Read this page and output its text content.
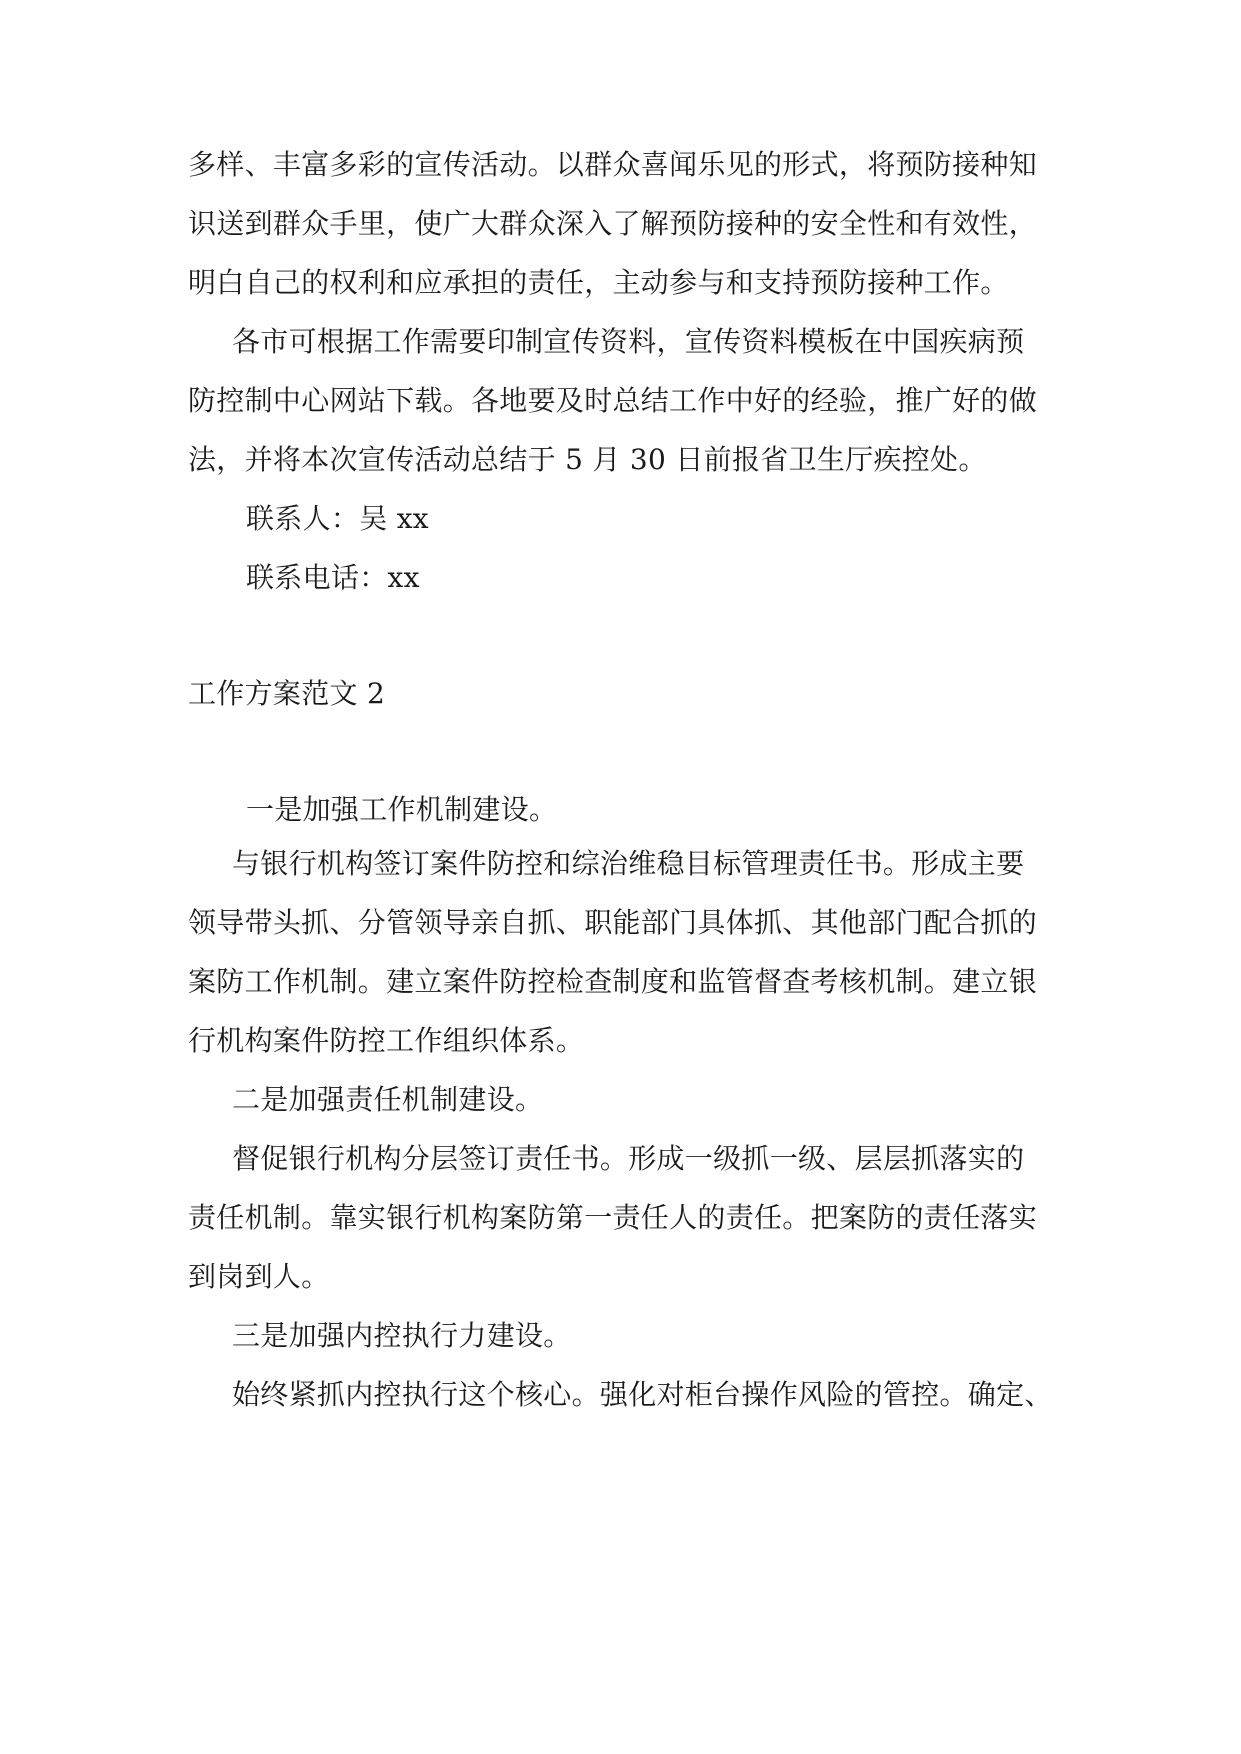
多样、丰富多彩的宣传活动。以群众喜闻乐见的形式，将预防接种知
识送到群众手里，使广大群众深入了解预防接种的安全性和有效性，
明白自己的权利和应承担的责任，主动参与和支持预防接种工作。
各市可根据工作需要印制宣传资料，宣传资料模板在中国疾病预
防控制中心网站下载。各地要及时总结工作中好的经验，推广好的做
法，并将本次宣传活动总结于 5 月 30 日前报省卫生厅疾控处。
联系人：吴 xx
联系电话：xx
工作方案范文 2
一是加强工作机制建设。
与银行机构签订案件防控和综治维稳目标管理责任书。形成主要
领导带头抓、分管领导亲自抓、职能部门具体抓、其他部门配合抓的
案防工作机制。建立案件防控检查制度和监管督查考核机制。建立银
行机构案件防控工作组织体系。
二是加强责任机制建设。
督促银行机构分层签订责任书。形成一级抓一级、层层抓落实的
责任机制。靠实银行机构案防第一责任人的责任。把案防的责任落实
到岗到人。
三是加强内控执行力建设。
始终紧抓内控执行这个核心。强化对柜台操作风险的管控。确定、
